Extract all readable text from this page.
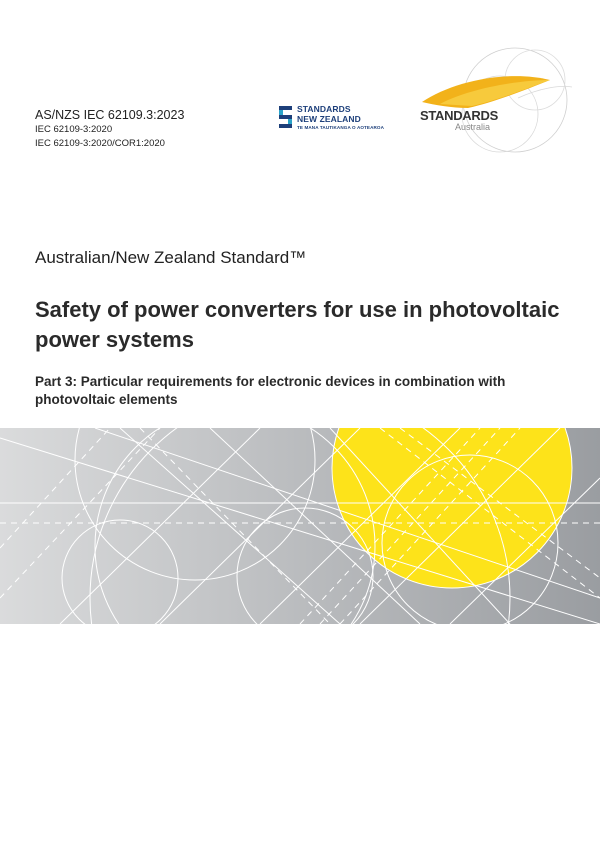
AS/NZS IEC 62109.3:2023
IEC 62109-3:2020
IEC 62109-3:2020/COR1:2020
STANDARDS
NEW ZEALAND
TE MANA TAUTIKANGA O AOTEAROA
STANDARDS
Australia
Australian/New Zealand Standard™
Safety of power converters for use in photovoltaic power systems
Part 3: Particular requirements for electronic devices in combination with photovoltaic elements
